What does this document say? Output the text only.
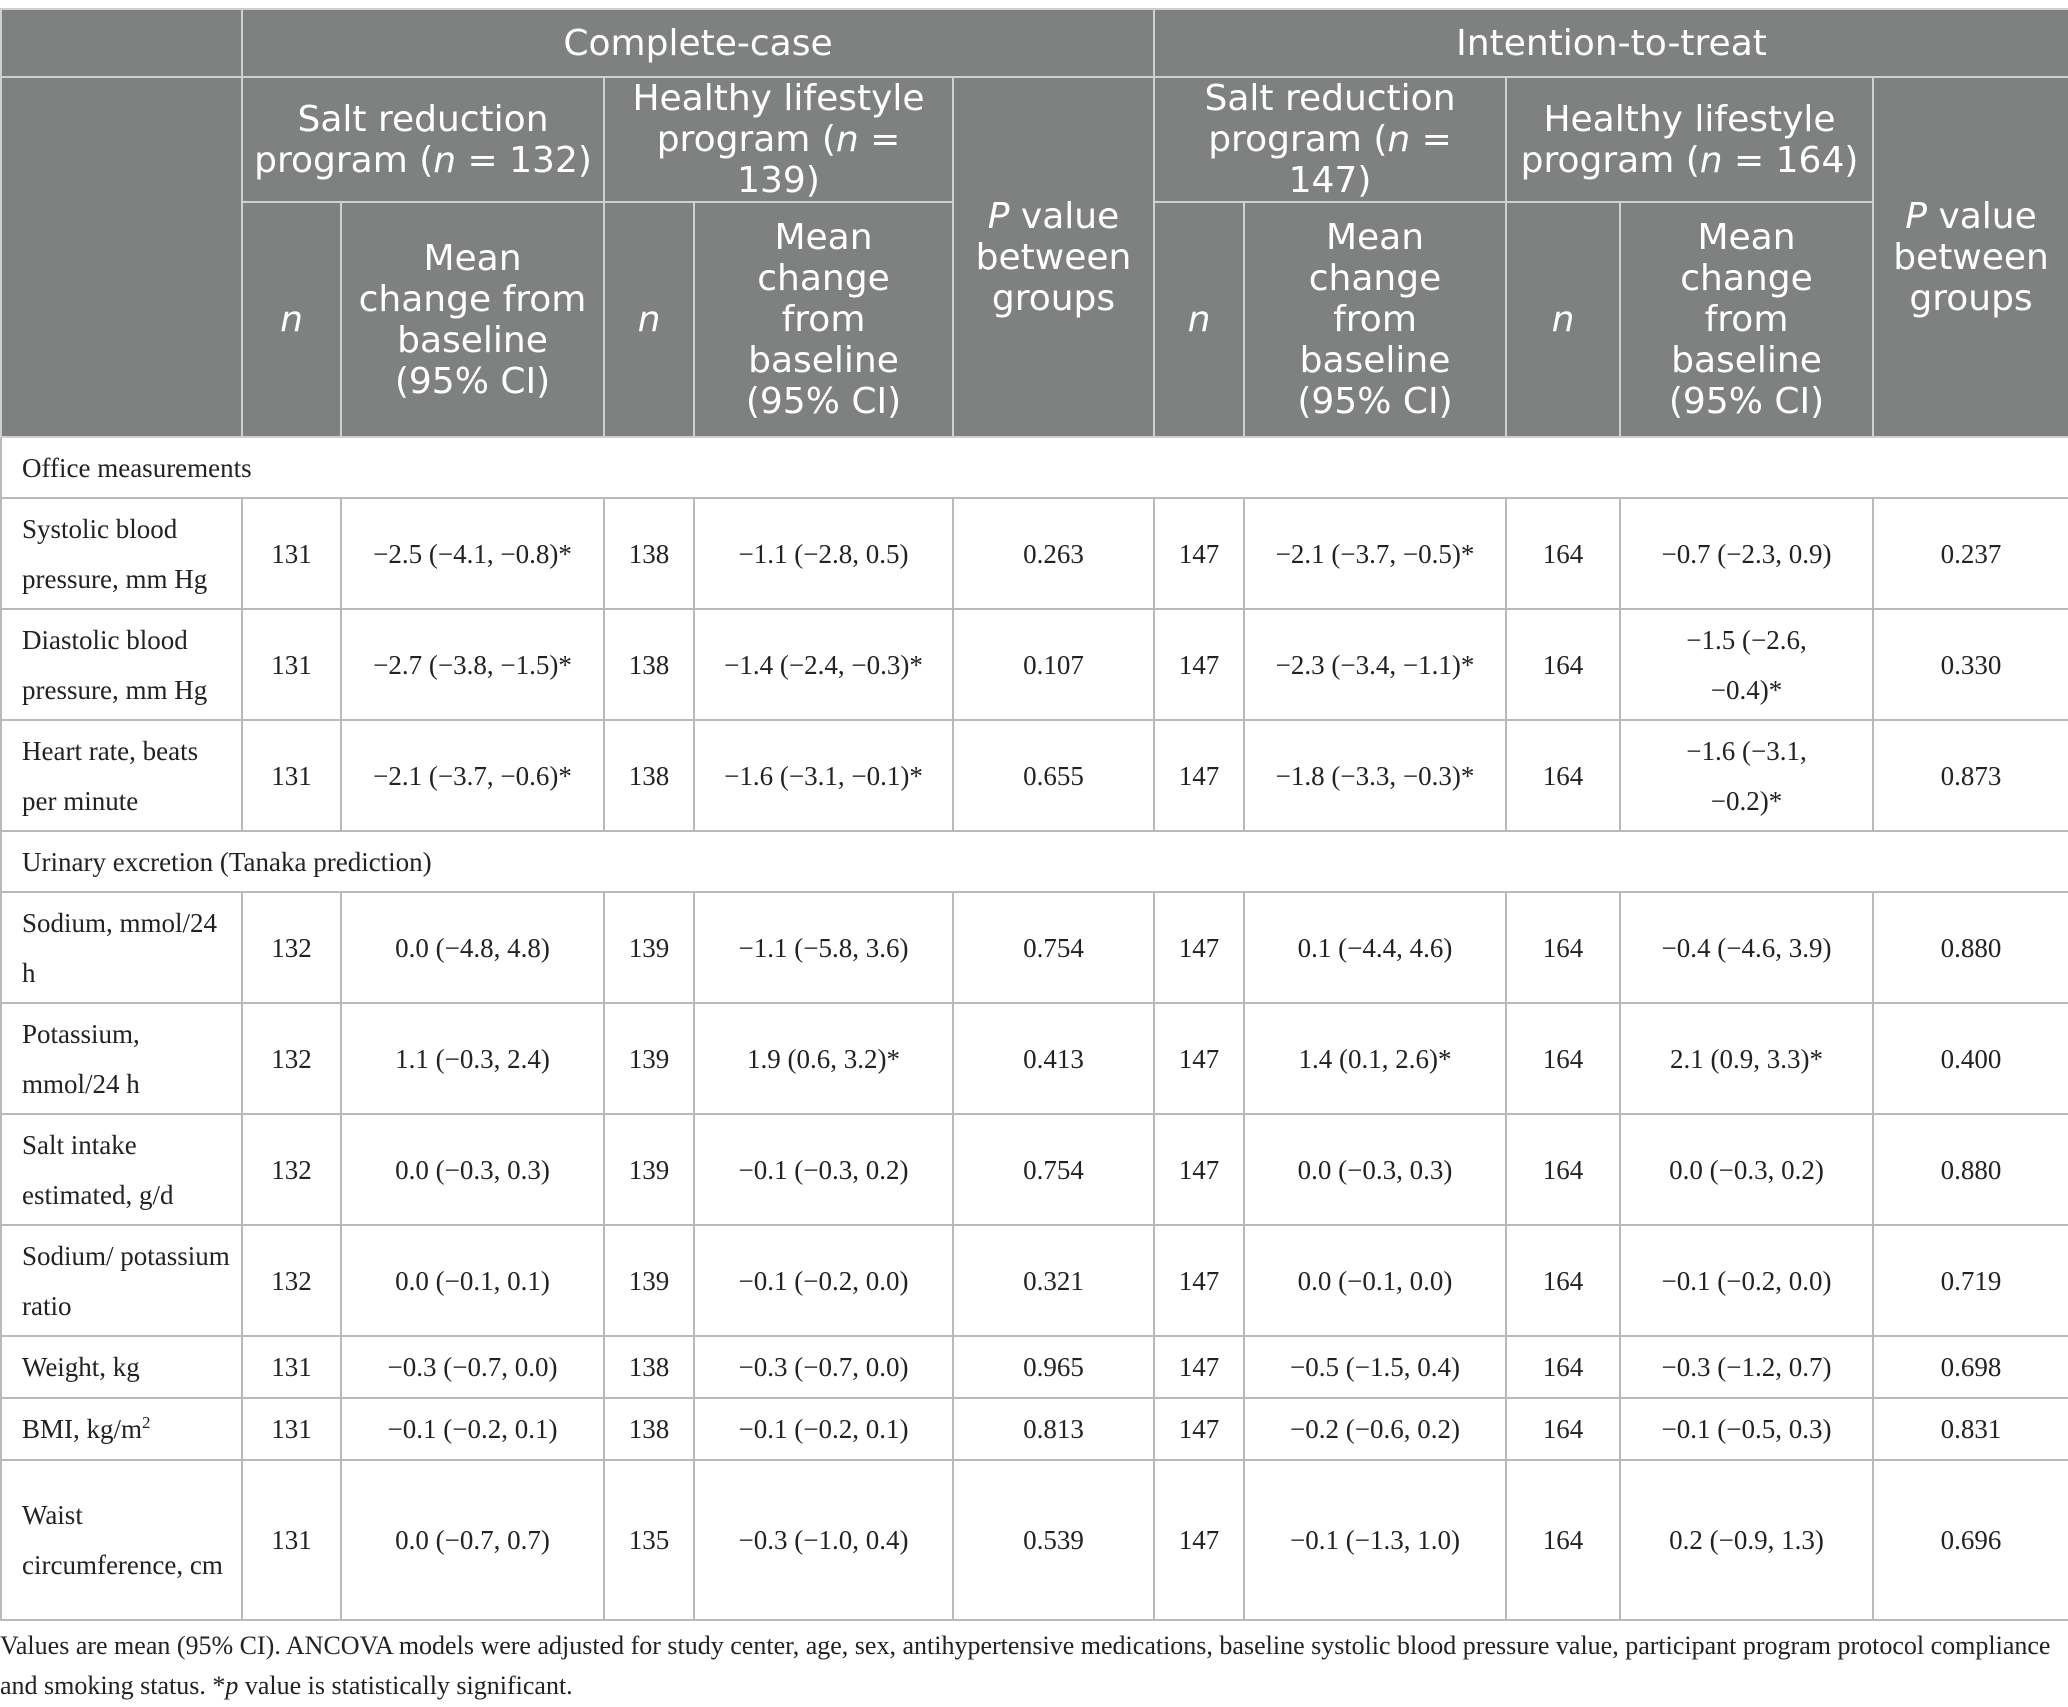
	Complete-case					Intention-to-treat				
	Salt reduction program (n = 132)		Healthy lifestyle program (n = 139)		P value between groups	Salt reduction program (n = 147)		Healthy lifestyle program (n = 164)		P value between groups
	n	Mean change from baseline (95% CI)	n	Mean change from baseline (95% CI)		n	Mean change from baseline (95% CI)	n	Mean change from baseline (95% CI)	
Office measurements										
Systolic blood pressure, mm Hg	131	−2.5 (−4.1, −0.8)*	138	−1.1 (−2.8, 0.5)	0.263	147	−2.1 (−3.7, −0.5)*	164	−0.7 (−2.3, 0.9)	0.237
Diastolic blood pressure, mm Hg	131	−2.7 (−3.8, −1.5)*	138	−1.4 (−2.4, −0.3)*	0.107	147	−2.3 (−3.4, −1.1)*	164	−1.5 (−2.6, −0.4)*	0.330
Heart rate, beats per minute	131	−2.1 (−3.7, −0.6)*	138	−1.6 (−3.1, −0.1)*	0.655	147	−1.8 (−3.3, −0.3)*	164	−1.6 (−3.1, −0.2)*	0.873
Urinary excretion (Tanaka prediction)										
Sodium, mmol/24 h	132	0.0 (−4.8, 4.8)	139	−1.1 (−5.8, 3.6)	0.754	147	0.1 (−4.4, 4.6)	164	−0.4 (−4.6, 3.9)	0.880
Potassium, mmol/24 h	132	1.1 (−0.3, 2.4)	139	1.9 (0.6, 3.2)*	0.413	147	1.4 (0.1, 2.6)*	164	2.1 (0.9, 3.3)*	0.400
Salt intake estimated, g/d	132	0.0 (−0.3, 0.3)	139	−0.1 (−0.3, 0.2)	0.754	147	0.0 (−0.3, 0.3)	164	0.0 (−0.3, 0.2)	0.880
Sodium/ potassium ratio	132	0.0 (−0.1, 0.1)	139	−0.1 (−0.2, 0.0)	0.321	147	0.0 (−0.1, 0.0)	164	−0.1 (−0.2, 0.0)	0.719
Weight, kg	131	−0.3 (−0.7, 0.0)	138	−0.3 (−0.7, 0.0)	0.965	147	−0.5 (−1.5, 0.4)	164	−0.3 (−1.2, 0.7)	0.698
BMI, $kg/m^2$	131	−0.1 (−0.2, 0.1)	138	−0.1 (−0.2, 0.1)	0.813	147	−0.2 (−0.6, 0.2)	164	−0.1 (−0.5, 0.3)	0.831
Waist circumference, cm	131	0.0 (−0.7, 0.7)	135	−0.3 (−1.0, 0.4)	0.539	147	−0.1 (−1.3, 1.0)	164	0.2 (−0.9, 1.3)	0.696
Values are mean (95% CI). ANCOVA models were adjusted for study center, age, sex, antihypertensive medications, baseline systolic blood pressure value, participant program protocol compliance and smoking status. *p value is statistically significant.
